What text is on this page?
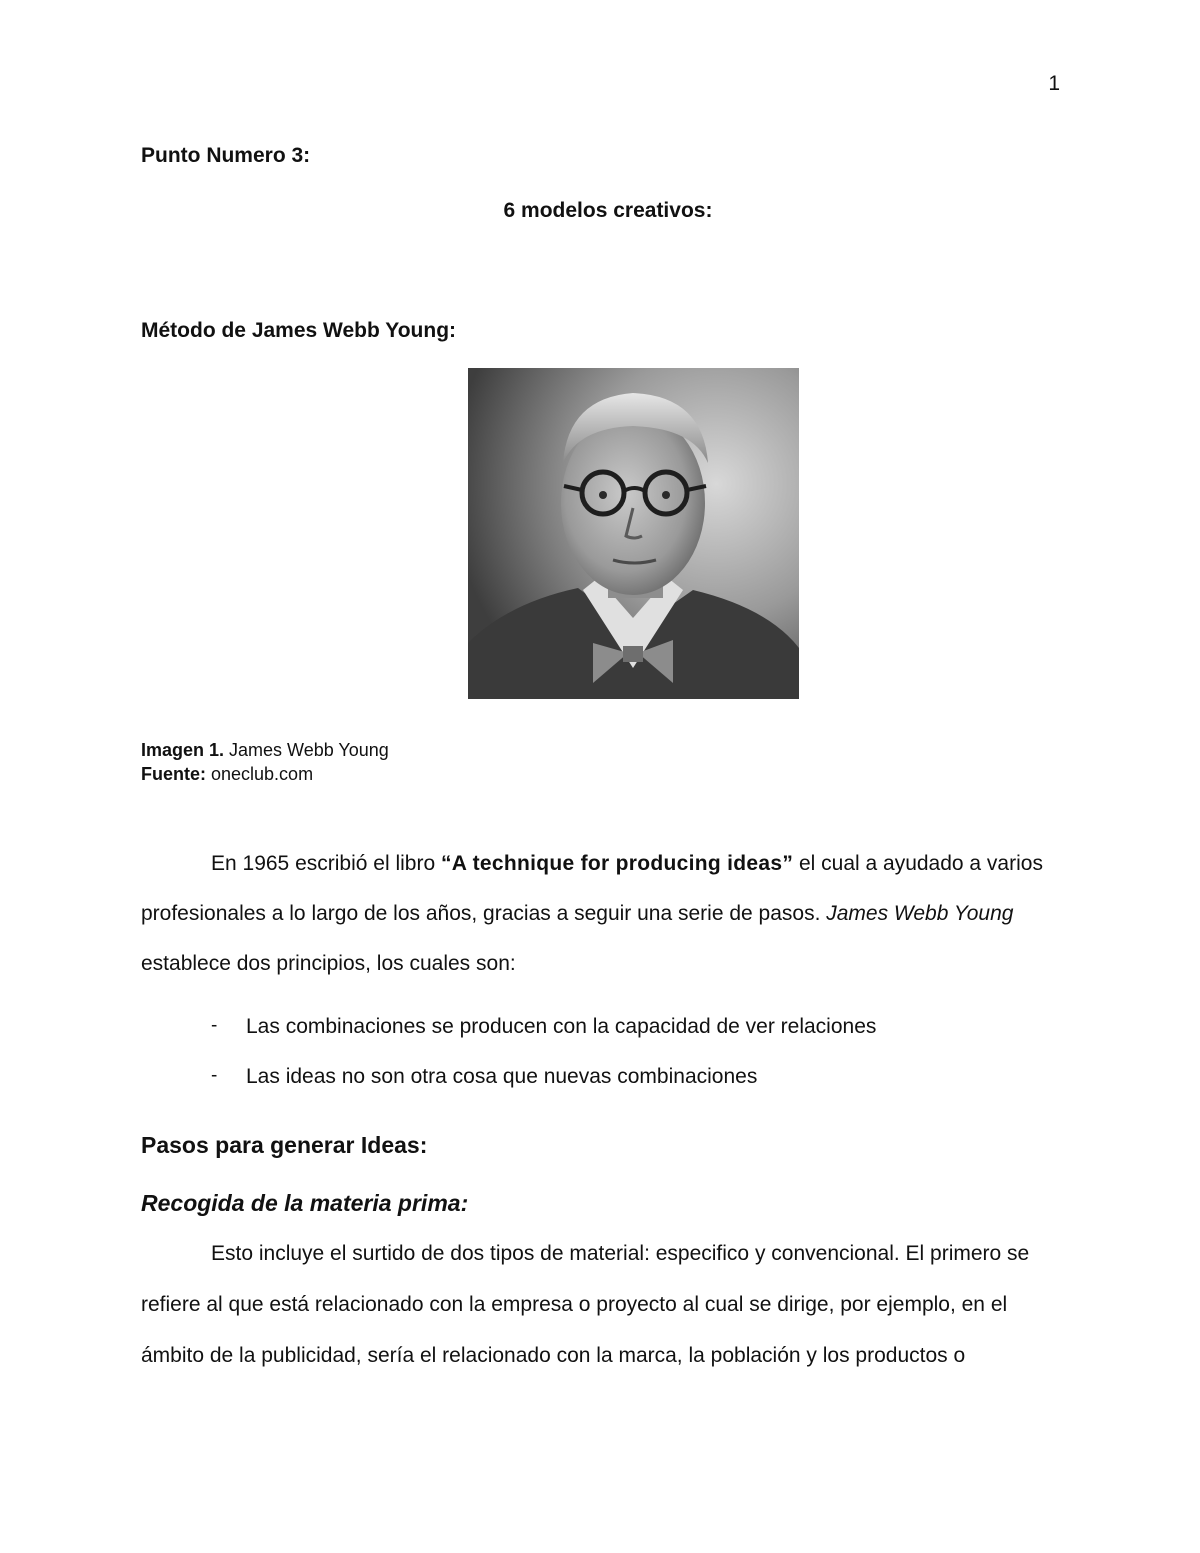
1
Punto Numero 3:
6 modelos creativos:
Método de James Webb Young:
Imagen 1. James Webb Young
Fuente: oneclub.com
En 1965 escribió el libro “A technique for producing ideas” el cual a ayudado a varios
profesionales a lo largo de los años, gracias a seguir una serie de pasos. James Webb Young
establece dos principios, los cuales son:
- Las combinaciones se producen con la capacidad de ver relaciones
- Las ideas no son otra cosa que nuevas combinaciones
Pasos para generar Ideas:
Recogida de la materia prima:
Esto incluye el surtido de dos tipos de material: especifico y convencional. El primero se
refiere al que está relacionado con la empresa o proyecto al cual se dirige, por ejemplo, en el
ámbito de la publicidad, sería el relacionado con la marca, la población y los productos o
